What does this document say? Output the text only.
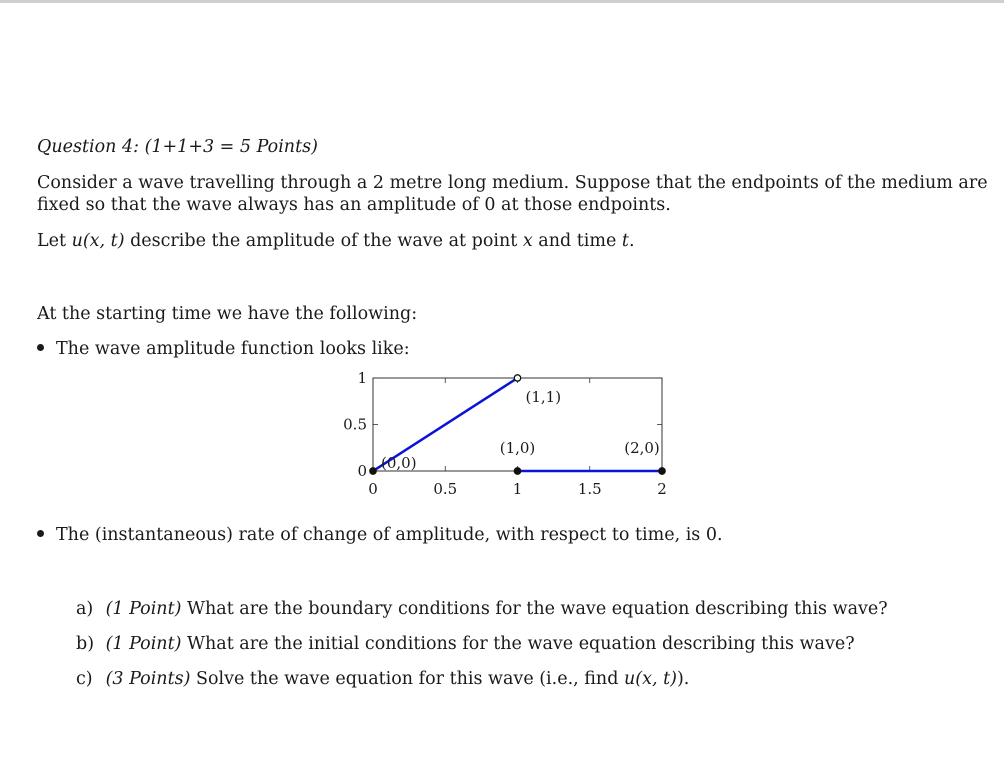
Question 4: (1+1+3 = 5 Points)
Consider a wave travelling through a 2 metre long medium. Suppose that the endpoints of the medium are
fixed so that the wave always has an amplitude of 0 at those endpoints.
Let u(x, t) describe the amplitude of the wave at point x and time t.
At the starting time we have the following:
The wave amplitude function looks like:
0	0.5	1	1.5	2
0
0.5
1
(0,0)
(1,1)
(1,0)	(2,0)
The (instantaneous) rate of change of amplitude, with respect to time, is 0.
a) (1 Point) What are the boundary conditions for the wave equation describing this wave?
b) (1 Point) What are the initial conditions for the wave equation describing this wave?
c) (3 Points) Solve the wave equation for this wave (i.e., find u(x, t)).
